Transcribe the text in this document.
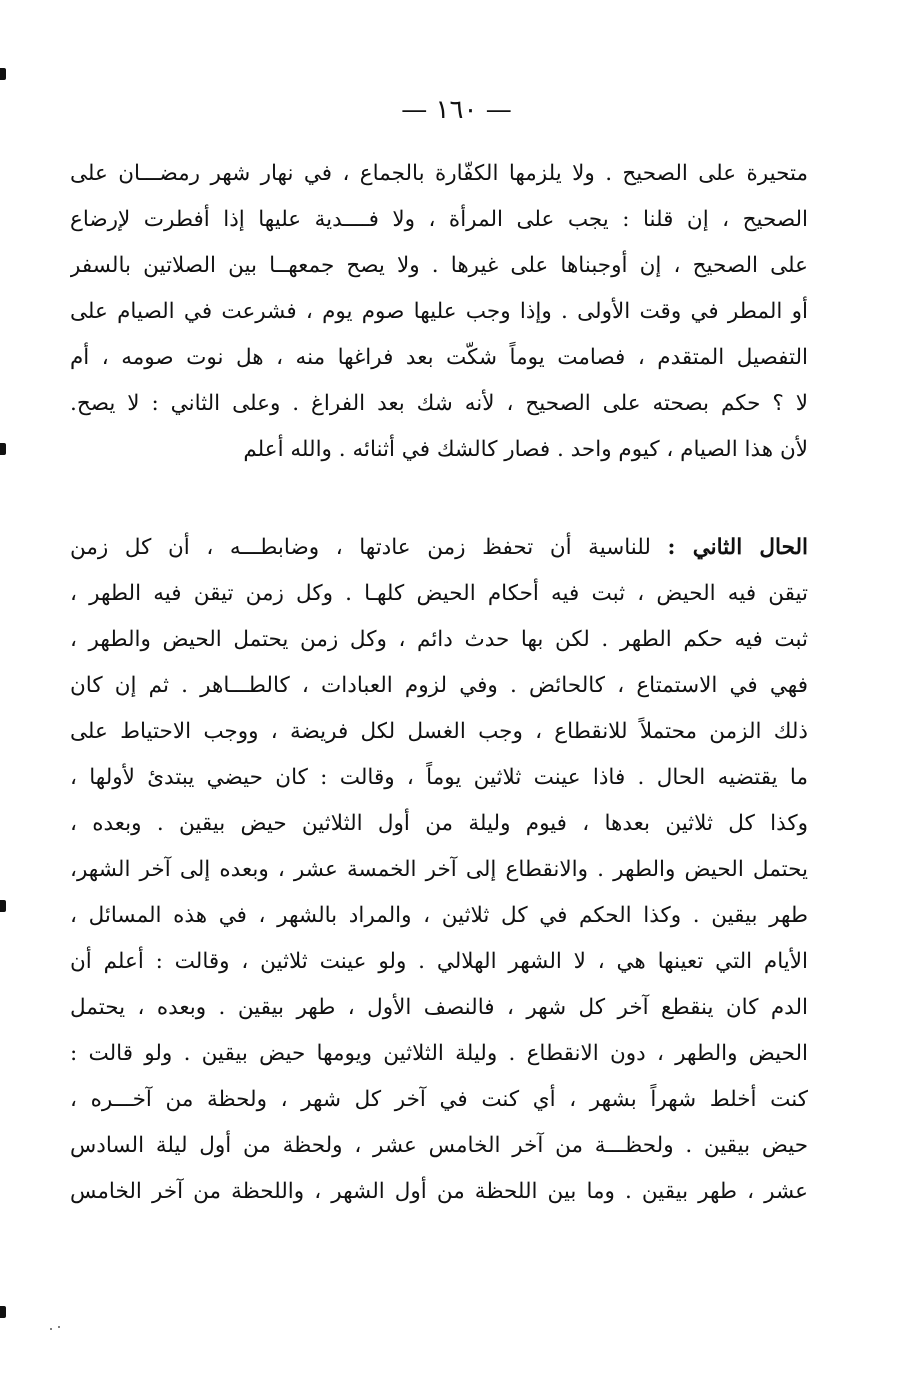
— ١٦٠ —
متحيرة على الصحيح . ولا يلزمها الكفّارة بالجماع ، في نهار شهر رمضـــان على
الصحيح ، إن قلنا : يجب على المرأة ، ولا فــــدية عليها إذا أفطرت لإرضاع
على الصحيح ، إن أوجبناها على غيرها . ولا يصح جمعهــا بين الصلاتين بالسفر
أو المطر في وقت الأولى . وإذا وجب عليها صوم يوم ، فشرعت في الصيام على
التفصيل المتقدم ، فصامت يوماً شكّت بعد فراغها منه ، هل نوت صومه ، أم
لا ؟ حكم بصحته على الصحيح ، لأنه شك بعد الفراغ . وعلى الثاني : لا يصح.
لأن هذا الصيام ، كيوم واحد . فصار كالشك في أثنائه . والله أعلم
الحال الثاني : للناسية أن تحفظ زمن عادتها ، وضابطـــه ، أن كل زمن
تيقن فيه الحيض ، ثبت فيه أحكام الحيض كلهـا . وكل زمن تيقن فيه الطهر ،
ثبت فيه حكم الطهر . لكن بها حدث دائم ، وكل زمن يحتمل الحيض والطهر ،
فهي في الاستمتاع ، كالحائض . وفي لزوم العبادات ، كالطـــاهر . ثم إن كان
ذلك الزمن محتملاً للانقطاع ، وجب الغسل لكل فريضة ، ووجب الاحتياط على
ما يقتضيه الحال . فاذا عينت ثلاثين يوماً ، وقالت : كان حيضي يبتدئ لأولها ،
وكذا كل ثلاثين بعدها ، فيوم وليلة من أول الثلاثين حيض بيقين . وبعده ،
يحتمل الحيض والطهر . والانقطاع إلى آخر الخمسة عشر ، وبعده إلى آخر الشهر،
طهر بيقين . وكذا الحكم في كل ثلاثين ، والمراد بالشهر ، في هذه المسائل ،
الأيام التي تعينها هي ، لا الشهر الهلالي . ولو عينت ثلاثين ، وقالت : أعلم أن
الدم كان ينقطع آخر كل شهر ، فالنصف الأول ، طهر بيقين . وبعده ، يحتمل
الحيض والطهر ، دون الانقطاع . وليلة الثلاثين ويومها حيض بيقين . ولو قالت :
كنت أخلط شهراً بشهر ، أي كنت في آخر كل شهر ، ولحظة من آخـــره ،
حيض بيقين . ولحظـــة من آخر الخامس عشر ، ولحظة من أول ليلة السادس
عشر ، طهر بيقين . وما بين اللحظة من أول الشهر ، واللحظة من آخر الخامس
